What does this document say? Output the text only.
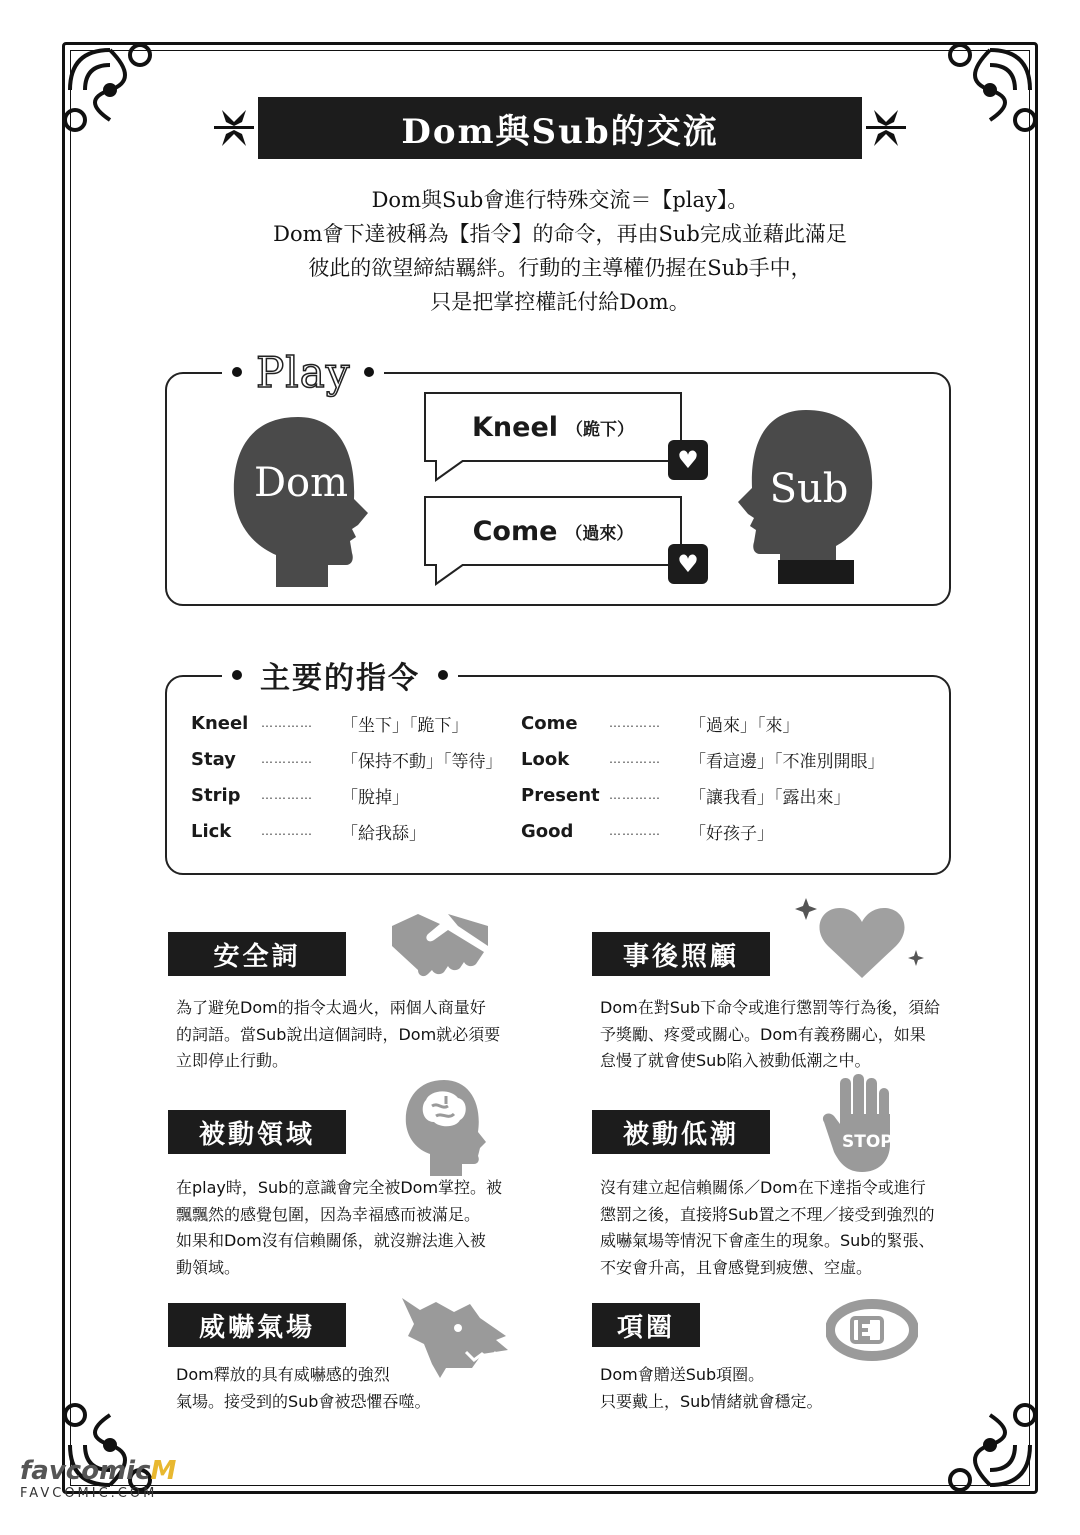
Dom與Sub的交流
Dom與Sub會進行特殊交流＝【play】。
Dom會下達被稱為【指令】的命令，再由Sub完成並藉此滿足
彼此的欲望締結羈絆。行動的主導權仍握在Sub手中，
只是把掌控權託付給Dom。
Play
Dom	Sub
Kneel （跪下）
♥
Come （過來）
♥
主要的指令
Kneel	…………	「坐下」「跪下」
Stay	…………	「保持不動」「等待」
Strip	…………	「脫掉」
Lick	…………	「給我舔」
Come	…………	「過來」「來」
Look	…………	「看這邊」「不准別開眼」
Present …………	「讓我看」「露出來」
Good	…………	「好孩子」
安全詞
為了避免Dom的指令太過火，兩個人商量好
的詞語。當Sub說出這個詞時，Dom就必須要
立即停止行動。
事後照顧
Dom在對Sub下命令或進行懲罰等行為後，須給
予獎勵、疼愛或關心。Dom有義務關心，如果
怠慢了就會使Sub陷入被動低潮之中。
被動領域
在play時，Sub的意識會完全被Dom掌控。被
飄飄然的感覺包圍，因為幸福感而被滿足。
如果和Dom沒有信賴關係，就沒辦法進入被
動領域。
被動低潮	STOP
沒有建立起信賴關係／Dom在下達指令或進行
懲罰之後，直接將Sub置之不理／接受到強烈的
威嚇氣場等情況下會產生的現象。Sub的緊張、
不安會升高，且會感覺到疲憊、空虛。
威嚇氣場
Dom釋放的具有威嚇感的強烈
氣場。接受到的Sub會被恐懼吞噬。
項圈
Dom會贈送Sub項圈。
只要戴上，Sub情緒就會穩定。
favcomicM
FAVCOMIC.COM
